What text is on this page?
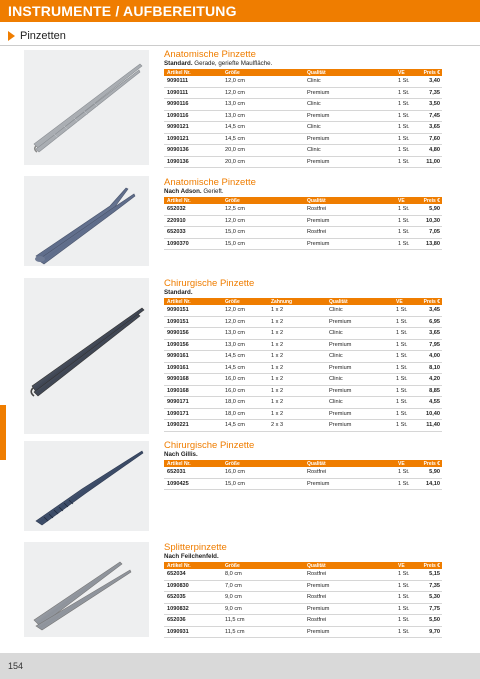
INSTRUMENTE / AUFBEREITUNG
Pinzetten
Anatomische Pinzette
Standard. Gerade, geriefte Maulfläche.
Artikel Nr.	Größe	Qualität	VE	Preis €
9090111	12,0 cm	Clinic	1 St.	3,40
1090111	12,0 cm	Premium	1 St.	7,35
9090116	13,0 cm	Clinic	1 St.	3,50
1090116	13,0 cm	Premium	1 St.	7,45
9090121	14,5 cm	Clinic	1 St.	3,65
1090121	14,5 cm	Premium	1 St.	7,60
9090136	20,0 cm	Clinic	1 St.	4,80
1090136	20,0 cm	Premium	1 St.	11,00
Anatomische Pinzette
Nach Adson. Gerieft.
Artikel Nr.	Größe	Qualität	VE	Preis €
652032	12,5 cm	Rostfrei	1 St.	5,90
220910	12,0 cm	Premium	1 St.	10,30
652033	15,0 cm	Rostfrei	1 St.	7,05
1090370	15,0 cm	Premium	1 St.	13,80
Chirurgische Pinzette
Standard.
Artikel Nr.	Größe	Zahnung	Qualität	VE	Preis €
9090151	12,0 cm	1 x 2	Clinic	1 St.	3,45
1090151	12,0 cm	1 x 2	Premium	1 St.	6,95
9090156	13,0 cm	1 x 2	Clinic	1 St.	3,65
1090156	13,0 cm	1 x 2	Premium	1 St.	7,95
9090161	14,5 cm	1 x 2	Clinic	1 St.	4,00
1090161	14,5 cm	1 x 2	Premium	1 St.	8,10
9090168	16,0 cm	1 x 2	Clinic	1 St.	4,20
1090168	16,0 cm	1 x 2	Premium	1 St.	8,85
9090171	18,0 cm	1 x 2	Clinic	1 St.	4,55
1090171	18,0 cm	1 x 2	Premium	1 St.	10,40
1090221	14,5 cm	2 x 3	Premium	1 St.	11,40
Chirurgische Pinzette
Nach Gillis.
Artikel Nr.	Größe	Qualität	VE	Preis €
652031	16,0 cm	Rostfrei	1 St.	5,90
1090425	15,0 cm	Premium	1 St.	14,10
Splitterpinzette
Nach Feilchenfeld.
Artikel Nr.	Größe	Qualität	VE	Preis €
652034	8,0 cm	Rostfrei	1 St.	5,15
1090830	7,0 cm	Premium	1 St.	7,35
652035	9,0 cm	Rostfrei	1 St.	5,30
1090832	9,0 cm	Premium	1 St.	7,75
652036	11,5 cm	Rostfrei	1 St.	5,50
1090931	11,5 cm	Premium	1 St.	9,70
154
